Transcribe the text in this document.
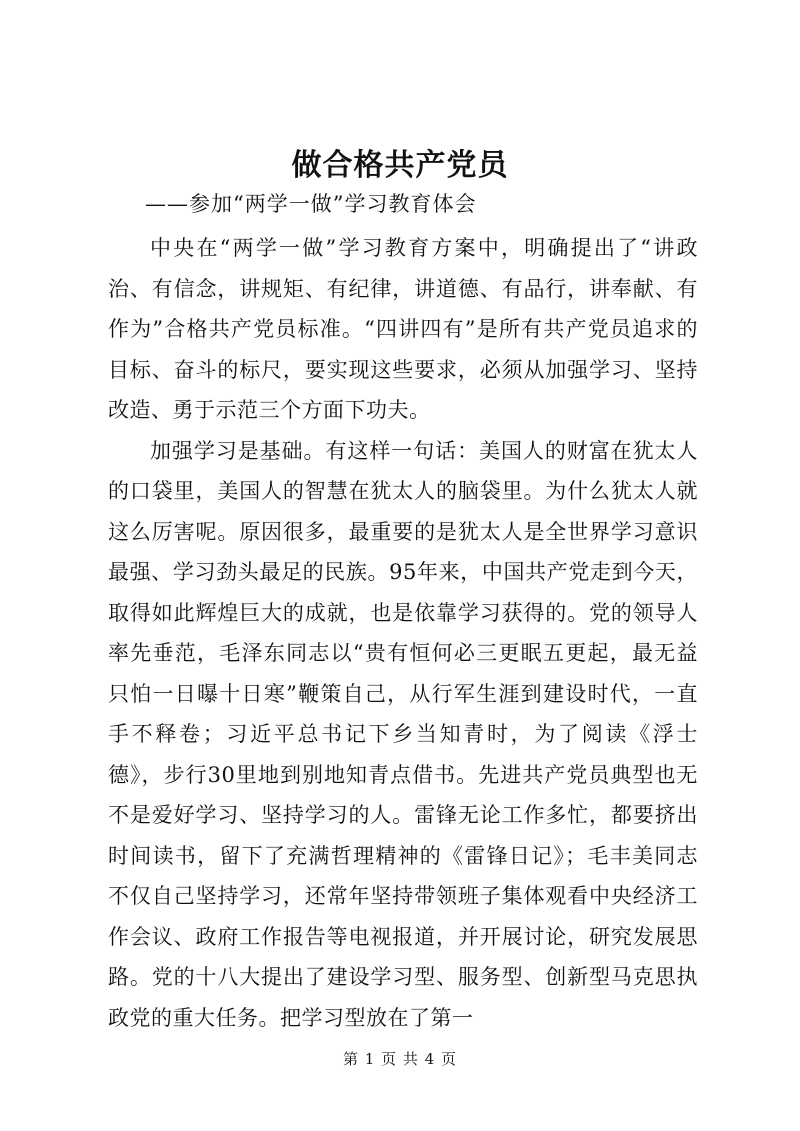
做合格共产党员
——参加“两学一做”学习教育体会

中央在“两学一做”学习教育方案中，明确提出了“讲政治、有信念，讲规矩、有纪律，讲道德、有品行，讲奉献、有作为”合格共产党员标准。“四讲四有”是所有共产党员追求的目标、奋斗的标尺，要实现这些要求，必须从加强学习、坚持改造、勇于示范三个方面下功夫。

加强学习是基础。有这样一句话：美国人的财富在犹太人的口袋里，美国人的智慧在犹太人的脑袋里。为什么犹太人就这么厉害呢。原因很多，最重要的是犹太人是全世界学习意识最强、学习劲头最足的民族。95年来，中国共产党走到今天，取得如此辉煌巨大的成就，也是依靠学习获得的。党的领导人率先垂范，毛泽东同志以“贵有恒何必三更眠五更起，最无益只怕一日曝十日寒”鞭策自己，从行军生涯到建设时代，一直手不释卷；习近平总书记下乡当知青时，为了阅读《浮士德》，步行30里地到别地知青点借书。先进共产党员典型也无不是爱好学习、坚持学习的人。雷锋无论工作多忙，都要挤出时间读书，留下了充满哲理精神的《雷锋日记》；毛丰美同志不仅自己坚持学习，还常年坚持带领班子集体观看中央经济工作会议、政府工作报告等电视报道，并开展讨论，研究发展思路。党的十八大提出了建设学习型、服务型、创新型马克思执政党的重大任务。把学习型放在了第一

第 1 页 共 4 页
